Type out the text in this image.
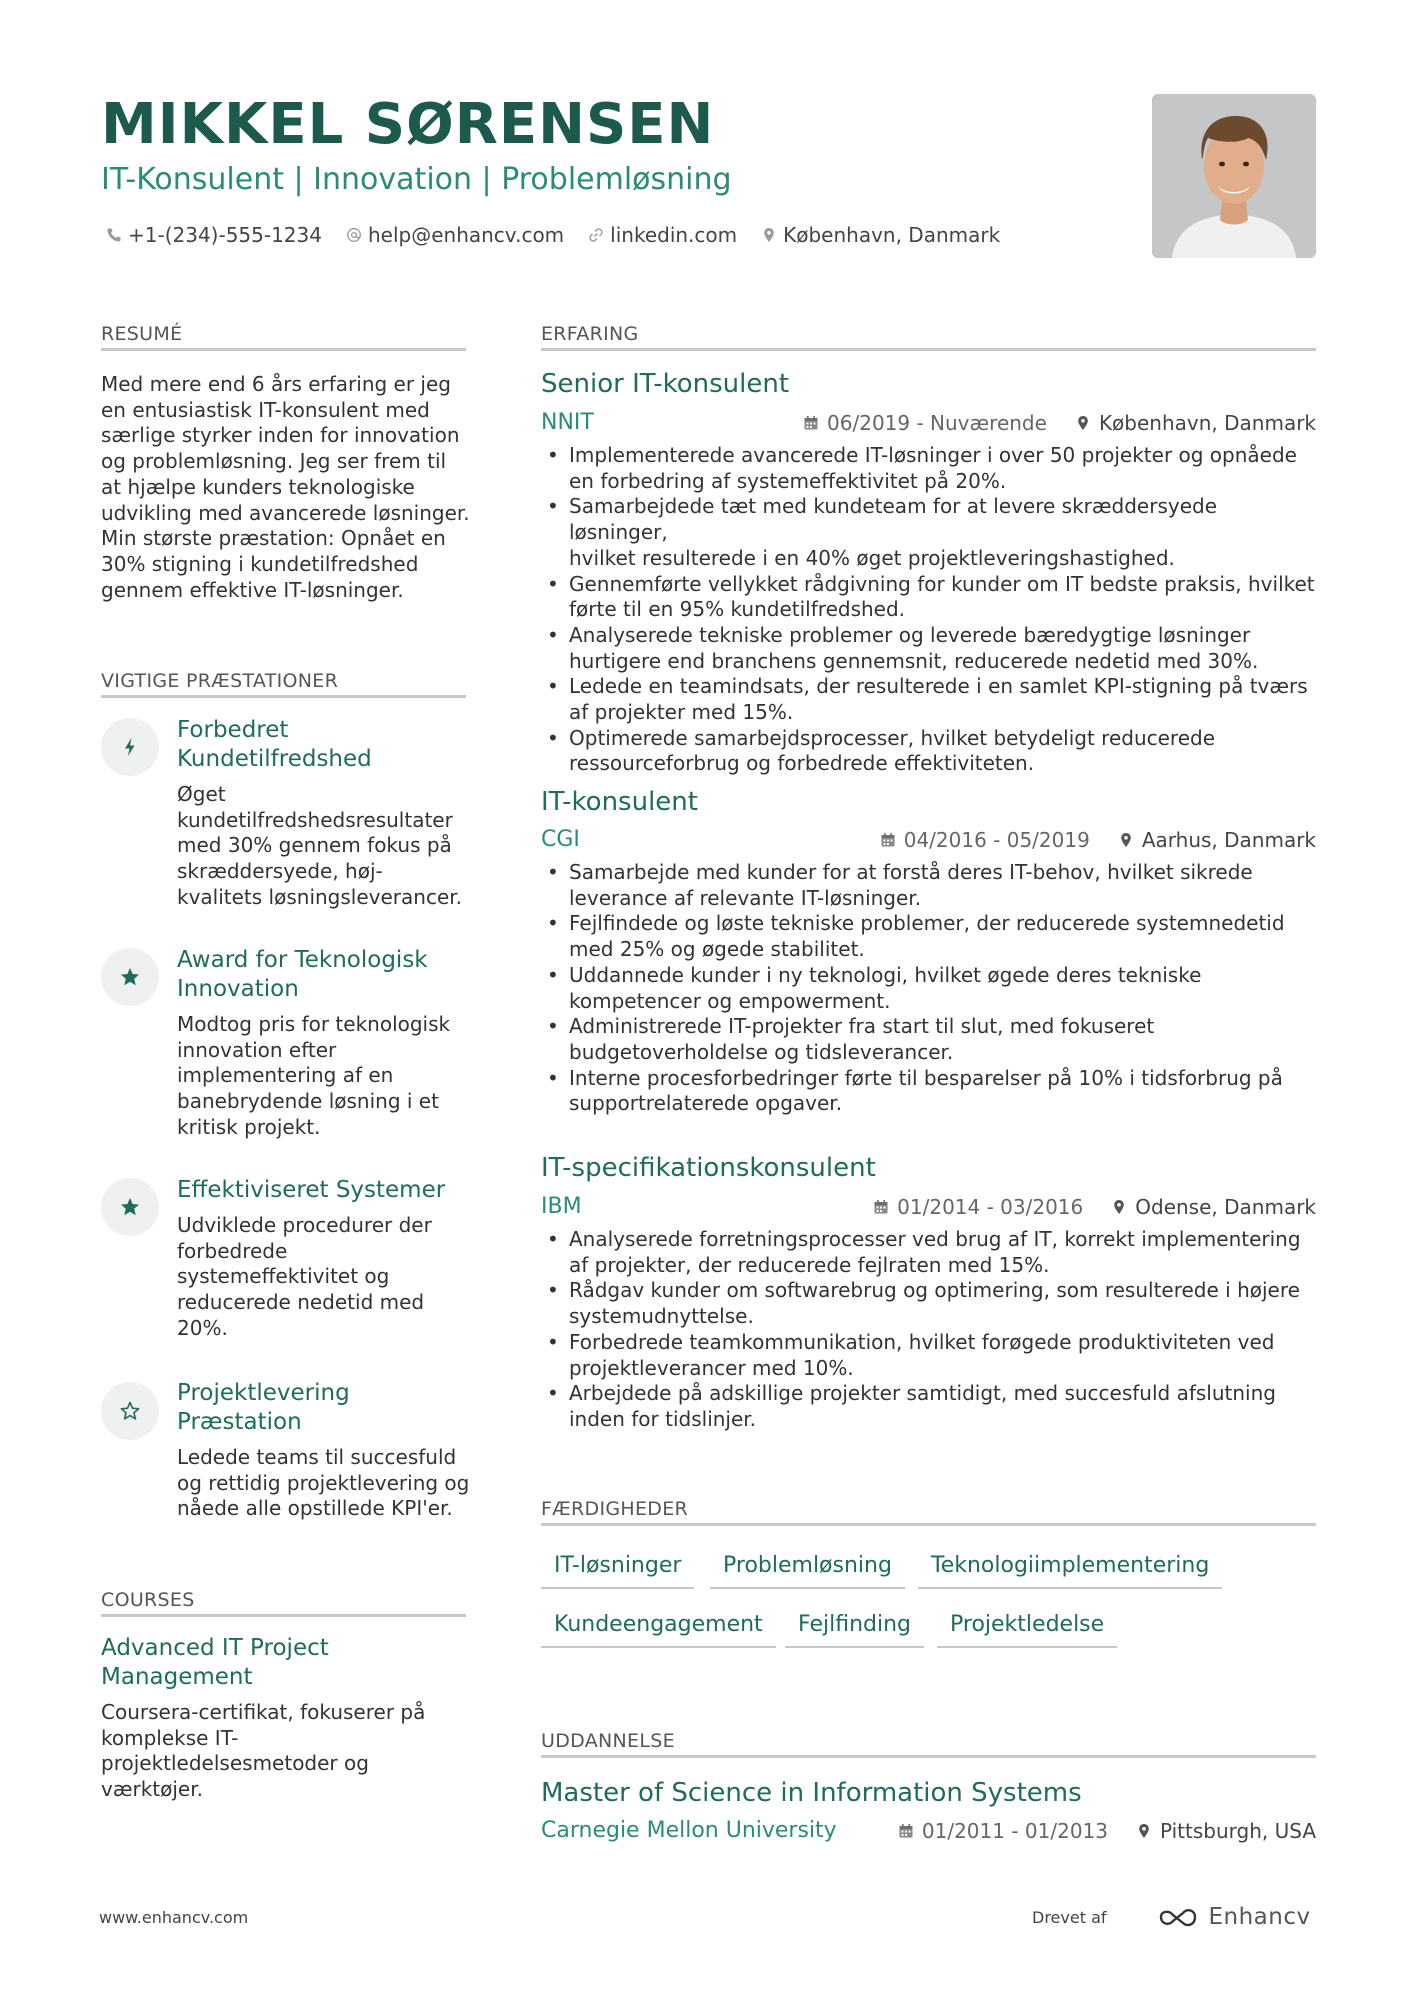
MIKKEL SØRENSEN
IT-Konsulent | Innovation | Problemløsning
+1-(234)-555-1234 help@enhancv.com linkedin.com København, Danmark
RESUMÉ
Med mere end 6 års erfaring er jeg
en entusiastisk IT-konsulent med
særlige styrker inden for innovation
og problemløsning. Jeg ser frem til
at hjælpe kunders teknologiske
udvikling med avancerede løsninger.
Min største præstation: Opnået en
30% stigning i kundetilfredshed
gennem effektive IT-løsninger.
VIGTIGE PRÆSTATIONER
Forbedret
Kundetilfredshed
Øget
kundetilfredshedsresultater
med 30% gennem fokus på
skræddersyede, høj-
kvalitets løsningsleverancer.
Award for Teknologisk
Innovation
Modtog pris for teknologisk
innovation efter
implementering af en
banebrydende løsning i et
kritisk projekt.
Effektiviseret Systemer
Udviklede procedurer der
forbedrede
systemeffektivitet og
reducerede nedetid med
20%.
Projektlevering
Præstation
Ledede teams til succesfuld
og rettidig projektlevering og
nåede alle opstillede KPI'er.
COURSES
Advanced IT Project
Management
Coursera-certifikat, fokuserer på
komplekse IT-
projektledelsesmetoder og
værktøjer.
ERFARING
Senior IT-konsulent
NNIT	06/2019 - Nuværende	København, Danmark
• Implementerede avancerede IT-løsninger i over 50 projekter og opnåede
en forbedring af systemeffektivitet på 20%.
• Samarbejdede tæt med kundeteam for at levere skræddersyede løsninger,
hvilket resulterede i en 40% øget projektleveringshastighed.
• Gennemførte vellykket rådgivning for kunder om IT bedste praksis, hvilket
førte til en 95% kundetilfredshed.
• Analyserede tekniske problemer og leverede bæredygtige løsninger
hurtigere end branchens gennemsnit, reducerede nedetid med 30%.
• Ledede en teamindsats, der resulterede i en samlet KPI-stigning på tværs
af projekter med 15%.
• Optimerede samarbejdsprocesser, hvilket betydeligt reducerede
ressourceforbrug og forbedrede effektiviteten.
IT-konsulent
CGI	04/2016 - 05/2019	Aarhus, Danmark
• Samarbejde med kunder for at forstå deres IT-behov, hvilket sikrede
leverance af relevante IT-løsninger.
• Fejlfindede og løste tekniske problemer, der reducerede systemnedetid
med 25% og øgede stabilitet.
• Uddannede kunder i ny teknologi, hvilket øgede deres tekniske
kompetencer og empowerment.
• Administrerede IT-projekter fra start til slut, med fokuseret
budgetoverholdelse og tidsleverancer.
• Interne procesforbedringer førte til besparelser på 10% i tidsforbrug på
supportrelaterede opgaver.
IT-specifikationskonsulent
IBM	01/2014 - 03/2016	Odense, Danmark
• Analyserede forretningsprocesser ved brug af IT, korrekt implementering
af projekter, der reducerede fejlraten med 15%.
• Rådgav kunder om softwarebrug og optimering, som resulterede i højere
systemudnyttelse.
• Forbedrede teamkommunikation, hvilket forøgede produktiviteten ved
projektleverancer med 10%.
• Arbejdede på adskillige projekter samtidigt, med succesfuld afslutning
inden for tidslinjer.
FÆRDIGHEDER
IT-løsninger	Problemløsning	Teknologiimplementering
Kundeengagement	Fejlfinding	Projektledelse
UDDANNELSE
Master of Science in Information Systems
Carnegie Mellon University	01/2011 - 01/2013	Pittsburgh, USA
www.enhancv.com	Drevet af	Enhancv
